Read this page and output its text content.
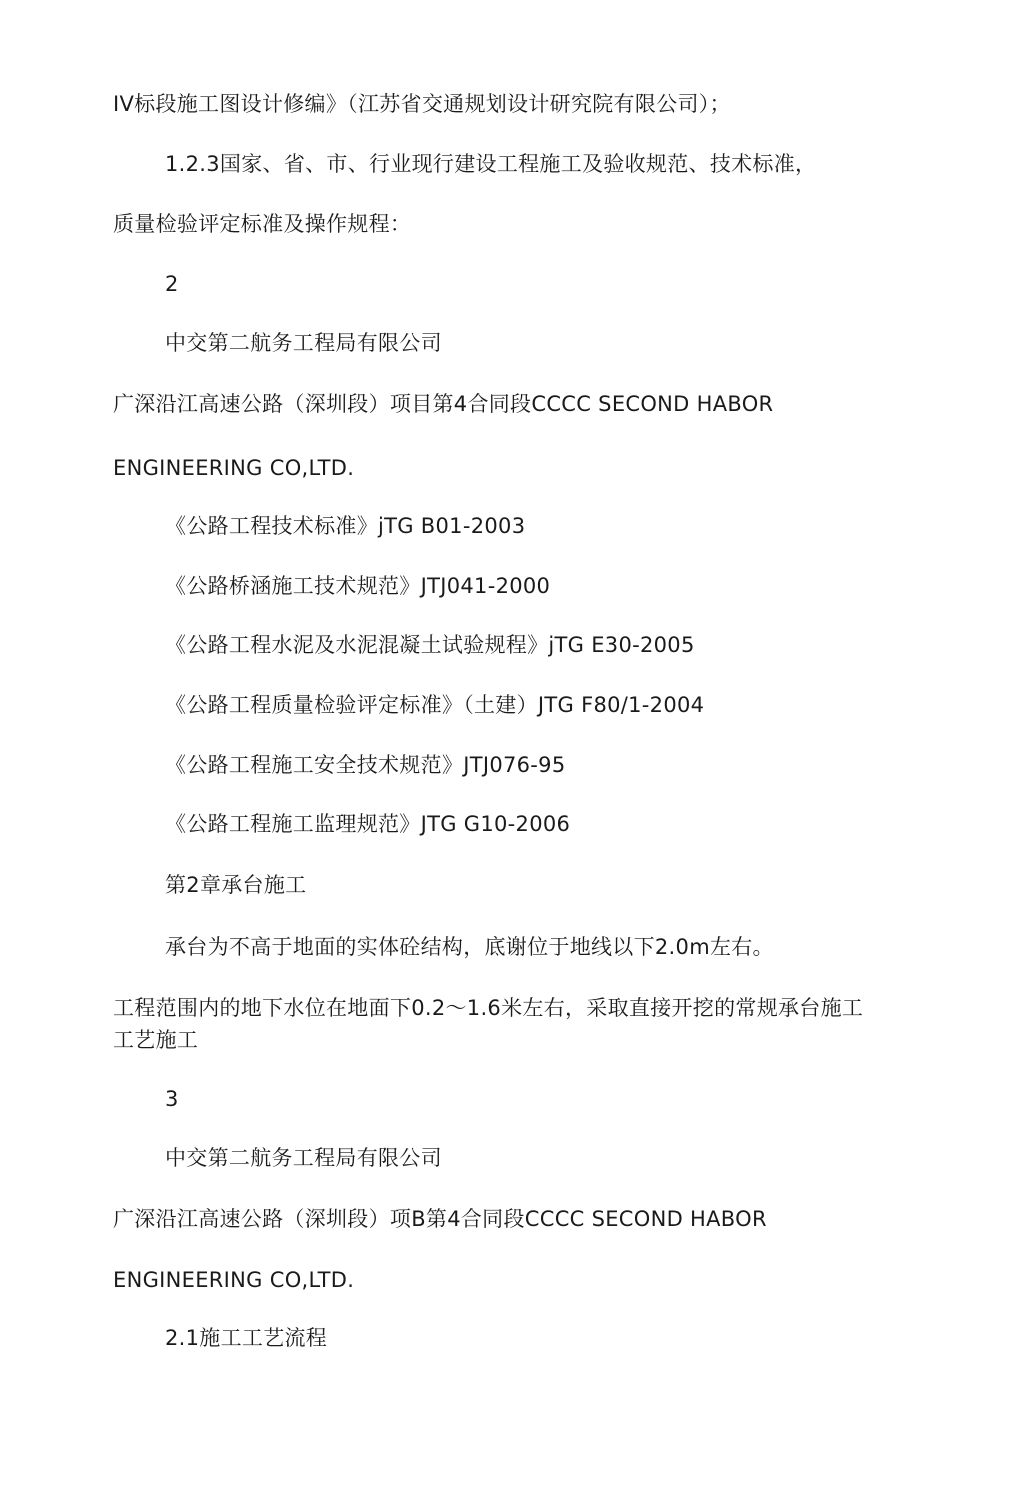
IV标段施工图设计修编》（江苏省交通规划设计研究院有限公司）；
1.2.3国家、省、市、行业现行建设工程施工及验收规范、技术标准，
质量检验评定标准及操作规程：
2
中交第二航务工程局有限公司
广深沿江高速公路（深圳段）项目第4合同段CCCC SECOND HABOR
ENGINEERING CO,LTD.
《公路工程技术标准》jTG B01-2003
《公路桥涵施工技术规范》JTJ041-2000
《公路工程水泥及水泥混凝土试验规程》jTG E30-2005
《公路工程质量检验评定标准》（土建）JTG F80/1-2004
《公路工程施工安全技术规范》JTJ076-95
《公路工程施工监理规范》JTG G10-2006
第2章承台施工
承台为不高于地面的实体砼结构，底谢位于地线以下2.0m左右。
工程范围内的地下水位在地面下0.2～1.6米左右，采取直接开挖的常规承台施工工艺施工
3
中交第二航务工程局有限公司
广深沿江高速公路（深圳段）项B第4合同段CCCC SECOND HABOR
ENGINEERING CO,LTD.
2.1施工工艺流程
